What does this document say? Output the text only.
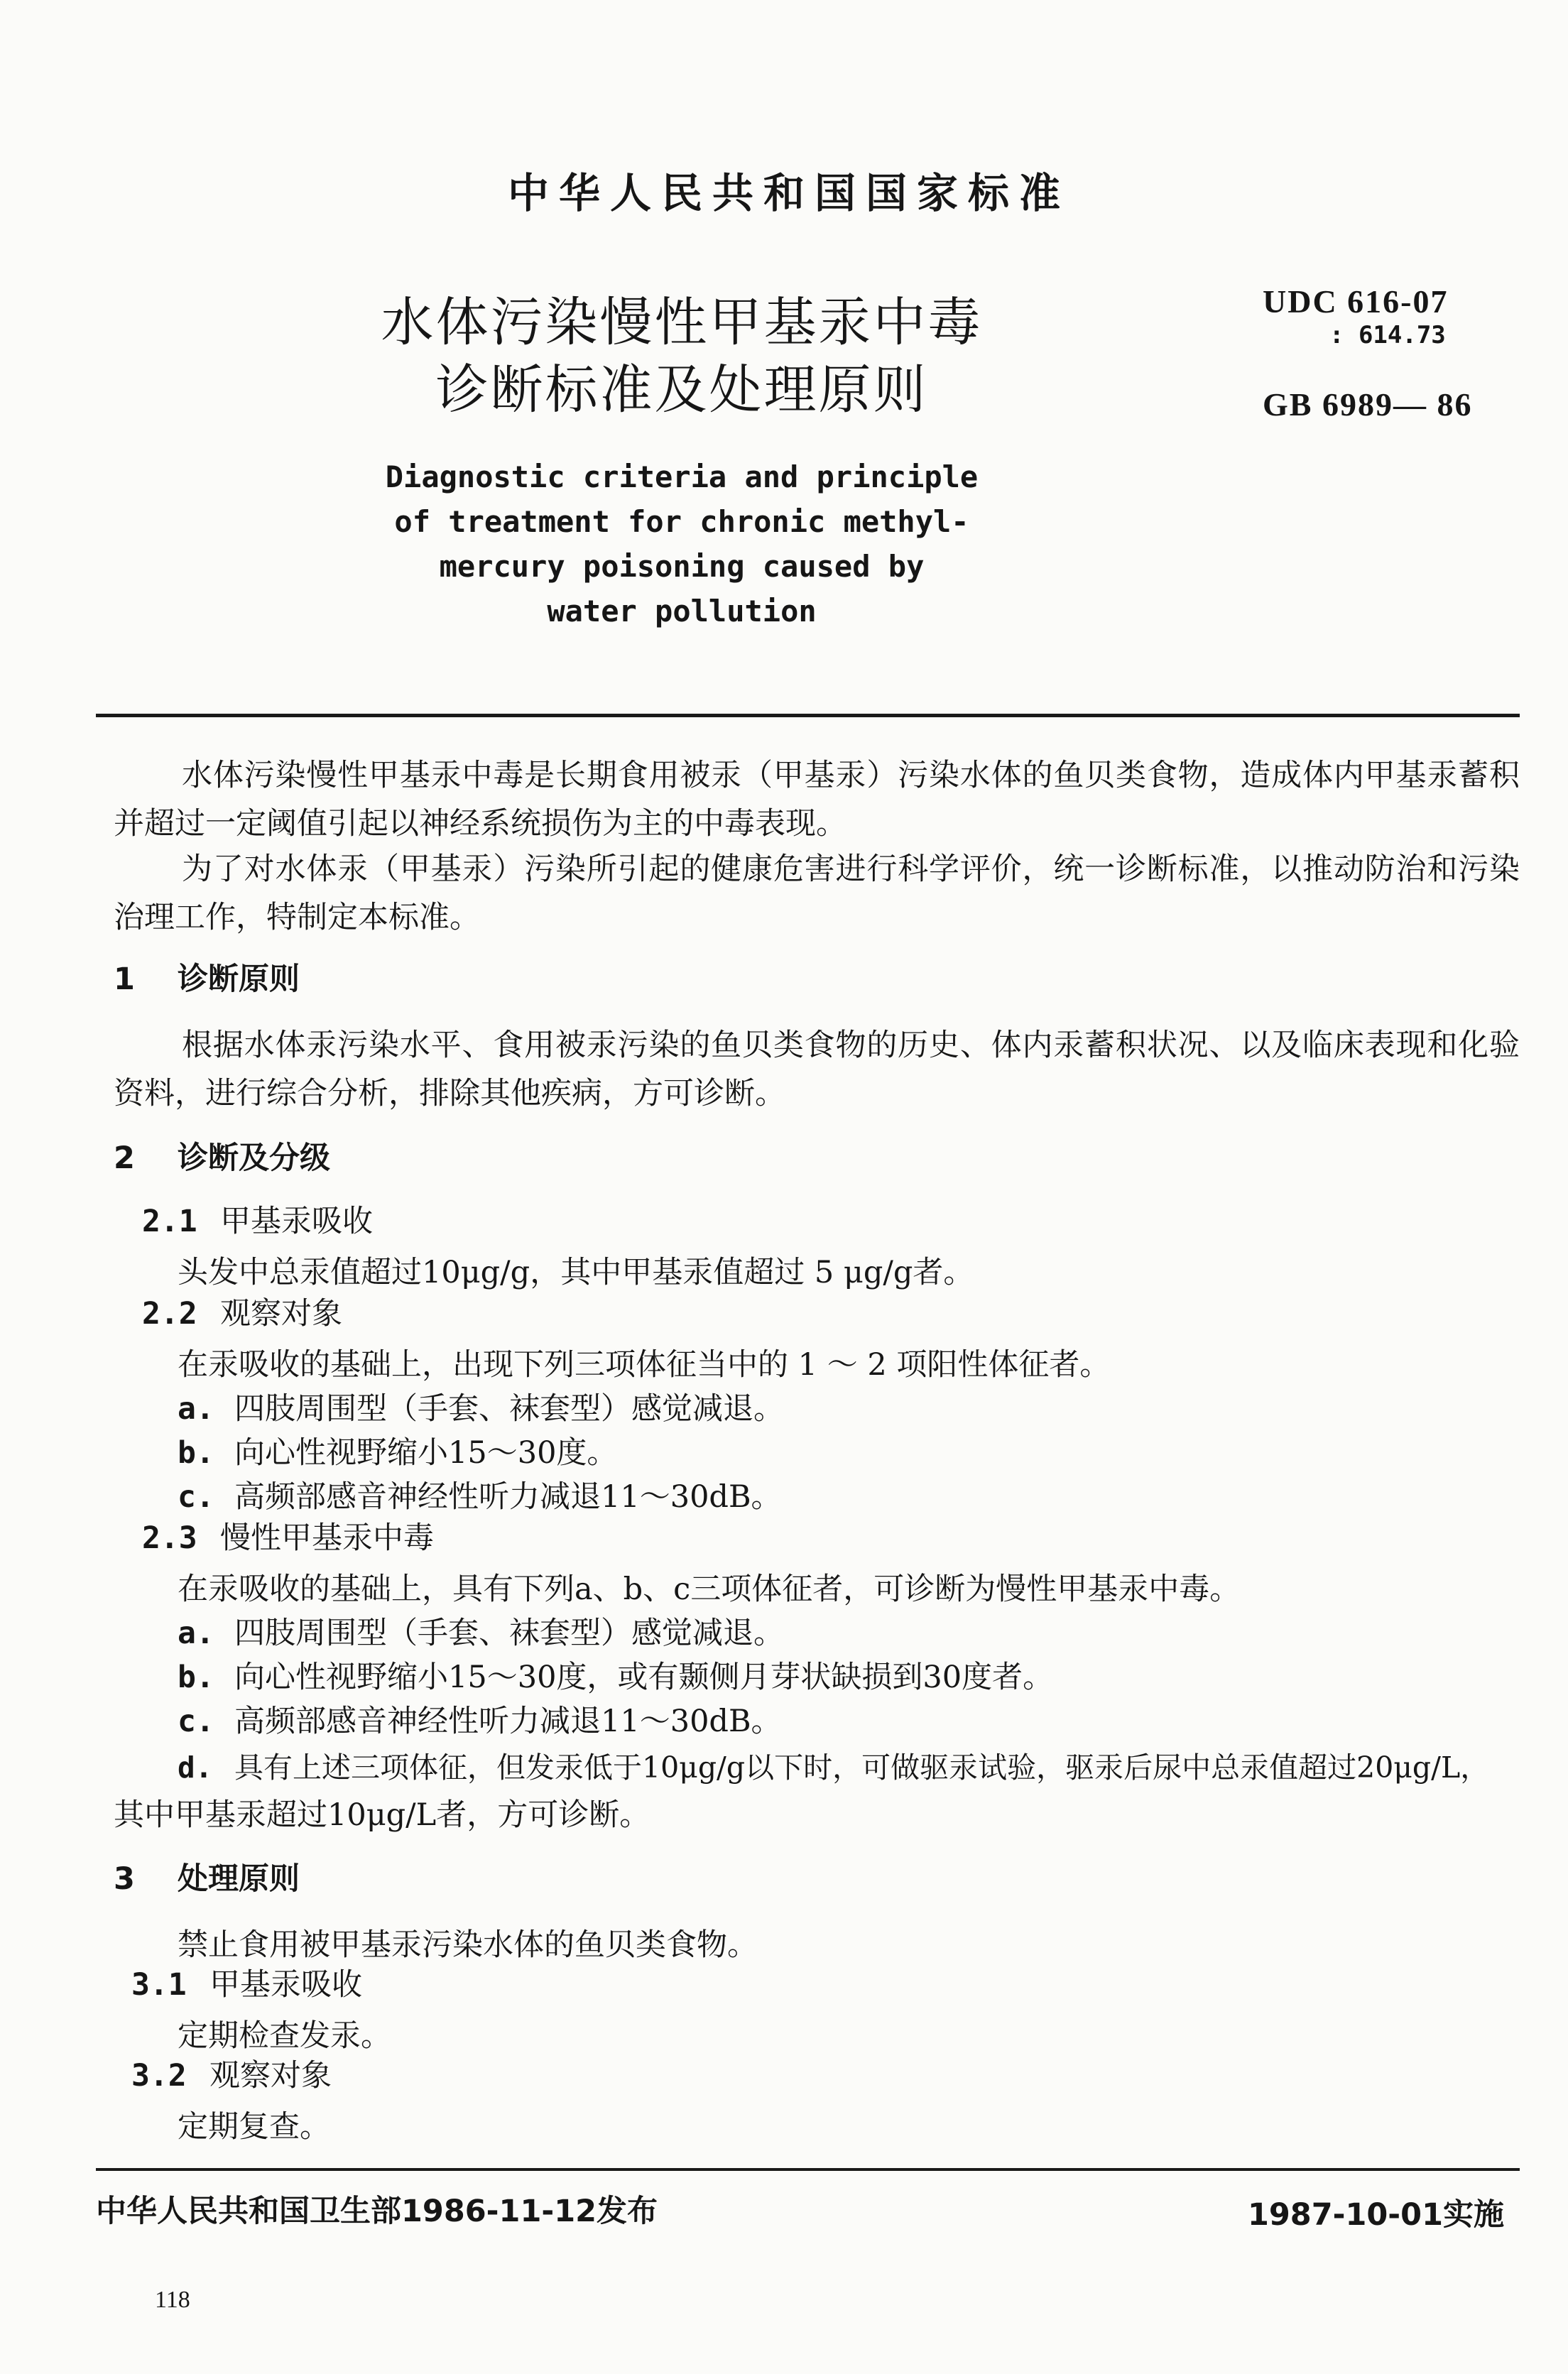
中华人民共和国国家标准
水体污染慢性甲基汞中毒
诊断标准及处理原则
UDC 616-07
: 614.73
GB 6989— 86
Diagnostic criteria and principle
of treatment for chronic methyl-
mercury poisoning caused by
water pollution
水体污染慢性甲基汞中毒是长期食用被汞（甲基汞）污染水体的鱼贝类食物，造成体内甲基汞蓄积并超过一定阈值引起以神经系统损伤为主的中毒表现。
为了对水体汞（甲基汞）污染所引起的健康危害进行科学评价，统一诊断标准，以推动防治和污染治理工作，特制定本标准。
1 诊断原则
根据水体汞污染水平、食用被汞污染的鱼贝类食物的历史、体内汞蓄积状况、以及临床表现和化验资料，进行综合分析，排除其他疾病，方可诊断。
2 诊断及分级
2.1 甲基汞吸收
头发中总汞值超过10μg/g，其中甲基汞值超过 5 μg/g者。
2.2 观察对象
在汞吸收的基础上，出现下列三项体征当中的 1 ～ 2 项阳性体征者。
a. 四肢周围型（手套、袜套型）感觉减退。
b. 向心性视野缩小15～30度。
c. 高频部感音神经性听力减退11～30dB。
2.3 慢性甲基汞中毒
在汞吸收的基础上，具有下列a、b、c三项体征者，可诊断为慢性甲基汞中毒。
a. 四肢周围型（手套、袜套型）感觉减退。
b. 向心性视野缩小15～30度，或有颞侧月芽状缺损到30度者。
c. 高频部感音神经性听力减退11～30dB。
d. 具有上述三项体征，但发汞低于10μg/g以下时，可做驱汞试验，驱汞后尿中总汞值超过20μg/L，
其中甲基汞超过10μg/L者，方可诊断。
3 处理原则
禁止食用被甲基汞污染水体的鱼贝类食物。
3.1 甲基汞吸收
定期检查发汞。
3.2 观察对象
定期复查。
中华人民共和国卫生部1986-11-12发布	1987-10-01实施
118
